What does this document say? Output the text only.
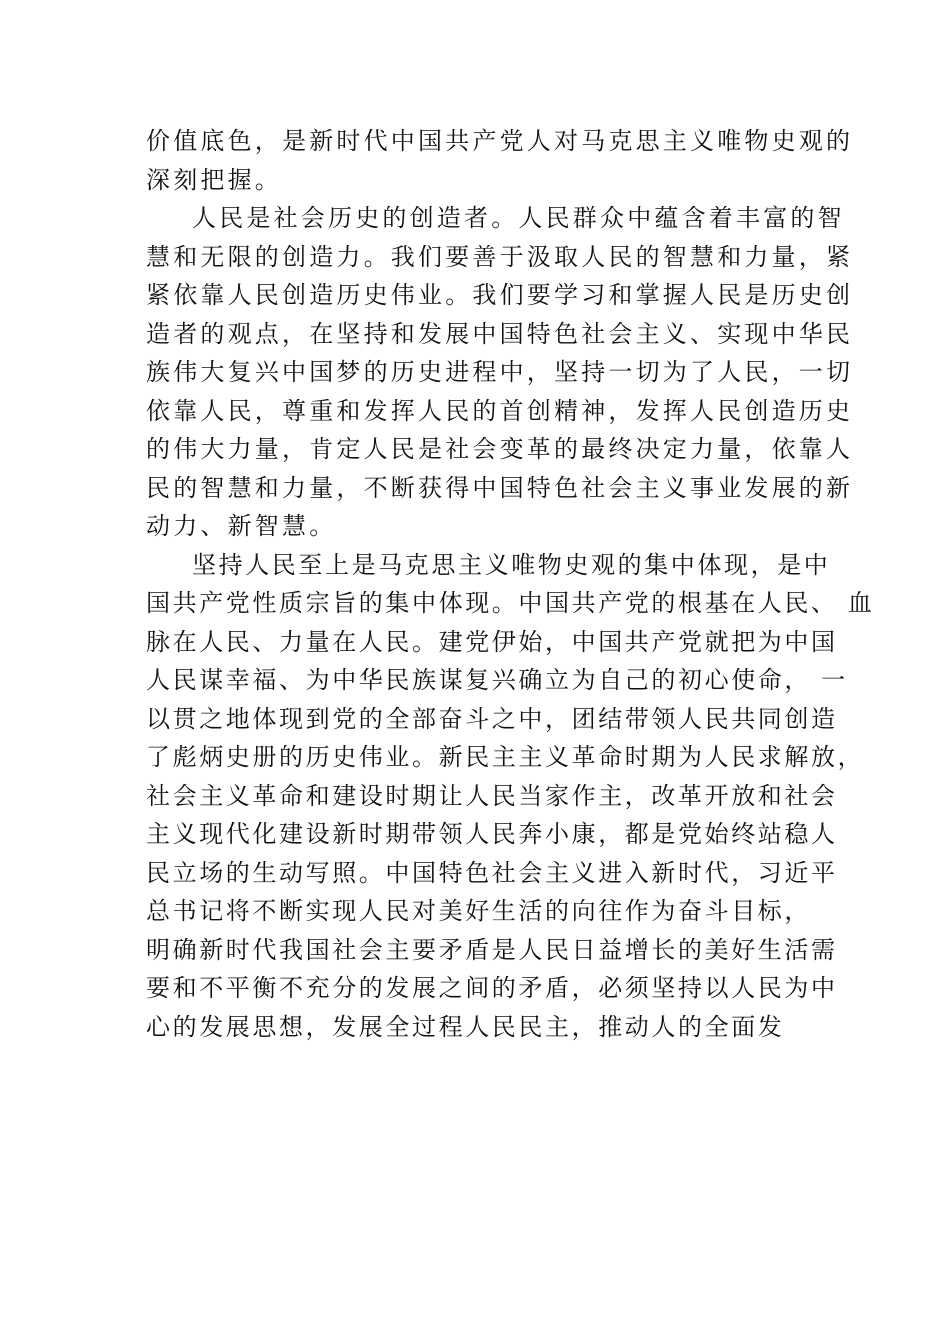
价值底色，是新时代中国共产党人对马克思主义唯物史观的
深刻把握。
人民是社会历史的创造者。人民群众中蕴含着丰富的智
慧和无限的创造力。我们要善于汲取人民的智慧和力量，紧
紧依靠人民创造历史伟业。我们要学习和掌握人民是历史创
造者的观点，在坚持和发展中国特色社会主义、实现中华民
族伟大复兴中国梦的历史进程中，坚持一切为了人民，一切
依靠人民，尊重和发挥人民的首创精神，发挥人民创造历史
的伟大力量，肯定人民是社会变革的最终决定力量，依靠人
民的智慧和力量，不断获得中国特色社会主义事业发展的新
动力、新智慧。
坚持人民至上是马克思主义唯物史观的集中体现，是中
国共产党性质宗旨的集中体现。中国共产党的根基在人民、 血
脉在人民、力量在人民。建党伊始，中国共产党就把为中国
人民谋幸福、为中华民族谋复兴确立为自己的初心使命， 一
以贯之地体现到党的全部奋斗之中，团结带领人民共同创造
了彪炳史册的历史伟业。新民主主义革命时期为人民求解放，
社会主义革命和建设时期让人民当家作主，改革开放和社会
主义现代化建设新时期带领人民奔小康，都是党始终站稳人
民立场的生动写照。中国特色社会主义进入新时代，习近平
总书记将不断实现人民对美好生活的向往作为奋斗目标，
明确新时代我国社会主要矛盾是人民日益增长的美好生活需
要和不平衡不充分的发展之间的矛盾，必须坚持以人民为中
心的发展思想，发展全过程人民民主，推动人的全面发
